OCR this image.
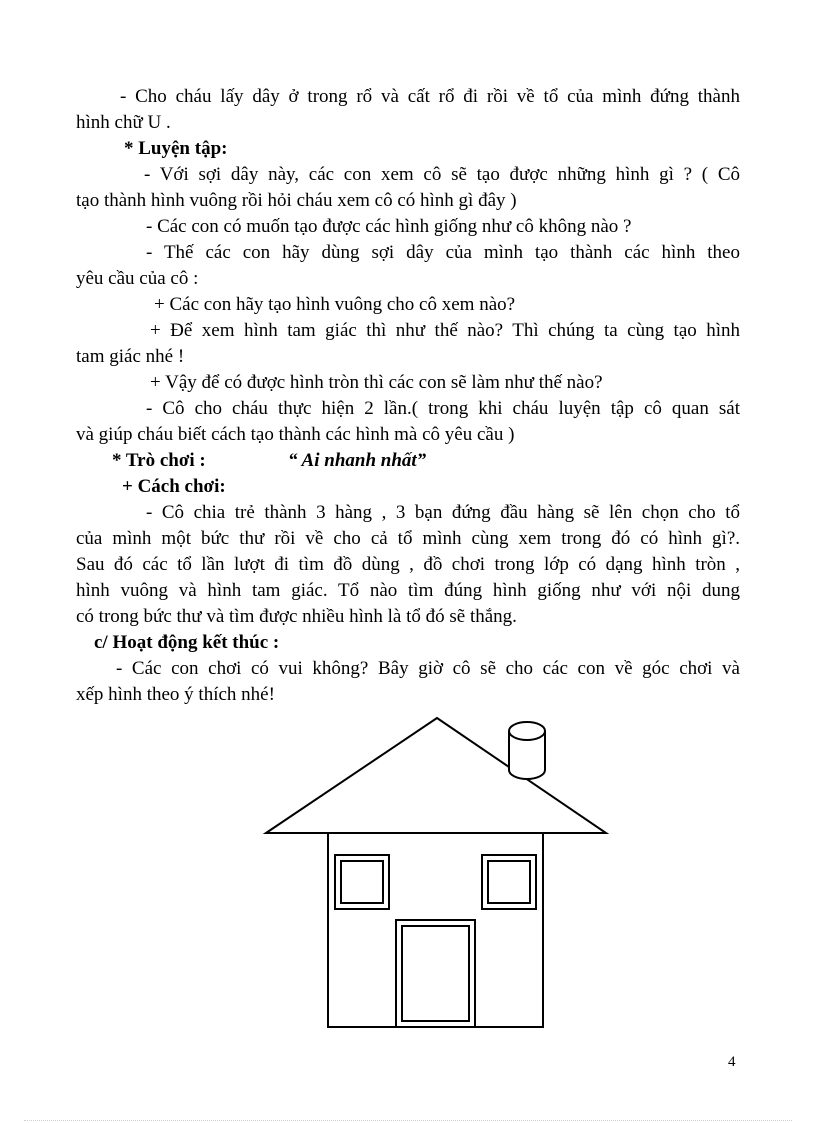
- Cho cháu lấy dây ở trong rổ và cất rổ đi rồi về tổ của mình đứng thành
hình chữ U .
* Luyện tập:
- Với sợi dây này, các con xem cô sẽ tạo được những hình gì ? ( Cô
tạo thành hình vuông rồi hỏi cháu xem cô có hình gì đây )
- Các con có muốn tạo được các hình giống như cô không nào ?
- Thế các con hãy dùng sợi dây của mình tạo thành các hình theo
yêu cầu của cô :
+ Các con hãy tạo hình vuông cho cô xem nào?
+ Để xem hình tam giác thì như thế nào? Thì chúng ta cùng tạo hình
tam giác nhé !
+ Vậy để có được hình tròn thì các con sẽ làm như thế nào?
- Cô cho cháu thực hiện 2 lần.( trong khi cháu luyện tập cô quan sát
và giúp cháu biết cách tạo thành các hình mà cô yêu cầu )
* Trò chơi :	“ Ai nhanh nhất”
+ Cách chơi:
- Cô chia trẻ thành 3 hàng , 3 bạn đứng đầu hàng sẽ lên chọn cho tổ
của mình một bức thư rồi về cho cả tổ mình cùng xem trong đó có hình gì?.
Sau đó các tổ lần lượt đi tìm đồ dùng , đồ chơi trong lớp có dạng hình tròn ,
hình vuông và hình tam giác. Tổ nào tìm đúng hình giống như với nội dung
có trong bức thư và tìm được nhiều hình là tổ đó sẽ thắng.
c/ Hoạt động kết thúc :
- Các con chơi có vui không? Bây giờ cô sẽ cho các con về góc chơi và
xếp hình theo ý thích nhé!
4
